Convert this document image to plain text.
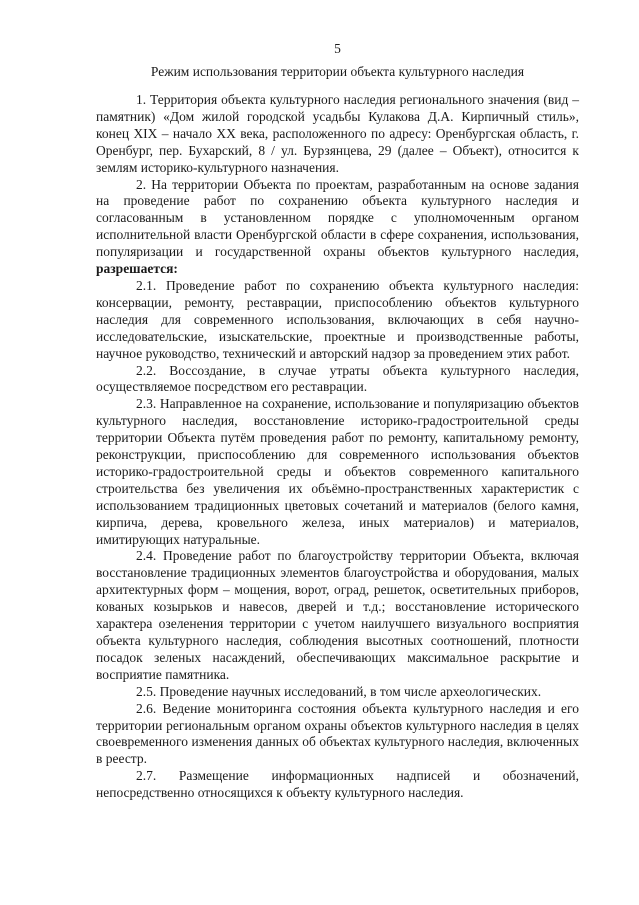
5
Режим использования территории объекта культурного наследия

1. Территория объекта культурного наследия регионального значения (вид – памятник) «Дом жилой городской усадьбы Кулакова Д.А. Кирпичный стиль», конец XIX – начало XX века, расположенного по адресу: Оренбургская область, г. Оренбург, пер. Бухарский, 8 / ул. Бурзянцева, 29 (далее – Объект), относится к землям историко-культурного назначения.

2. На территории Объекта по проектам, разработанным на основе задания на проведение работ по сохранению объекта культурного наследия и согласованным в установленном порядке с уполномоченным органом исполнительной власти Оренбургской области в сфере сохранения, использования, популяризации и государственной охраны объектов культурного наследия, разрешается:

2.1. Проведение работ по сохранению объекта культурного наследия: консервации, ремонту, реставрации, приспособлению объектов культурного наследия для современного использования, включающих в себя научно-исследовательские, изыскательские, проектные и производственные работы, научное руководство, технический и авторский надзор за проведением этих работ.

2.2. Воссоздание, в случае утраты объекта культурного наследия, осуществляемое посредством его реставрации.

2.3. Направленное на сохранение, использование и популяризацию объектов культурного наследия, восстановление историко-градостроительной среды территории Объекта путём проведения работ по ремонту, капитальному ремонту, реконструкции, приспособлению для современного использования объектов историко-градостроительной среды и объектов современного капитального строительства без увеличения их объёмно-пространственных характеристик с использованием традиционных цветовых сочетаний и материалов (белого камня, кирпича, дерева, кровельного железа, иных материалов) и материалов, имитирующих натуральные.

2.4. Проведение работ по благоустройству территории Объекта, включая восстановление традиционных элементов благоустройства и оборудования, малых архитектурных форм – мощения, ворот, оград, решеток, осветительных приборов, кованых козырьков и навесов, дверей и т.д.; восстановление исторического характера озеленения территории с учетом наилучшего визуального восприятия объекта культурного наследия, соблюдения высотных соотношений, плотности посадок зеленых насаждений, обеспечивающих максимальное раскрытие и восприятие памятника.

2.5. Проведение научных исследований, в том числе археологических.

2.6. Ведение мониторинга состояния объекта культурного наследия и его территории региональным органом охраны объектов культурного наследия в целях своевременного изменения данных об объектах культурного наследия, включенных в реестр.

2.7. Размещение информационных надписей и обозначений, непосредственно относящихся к объекту культурного наследия.
